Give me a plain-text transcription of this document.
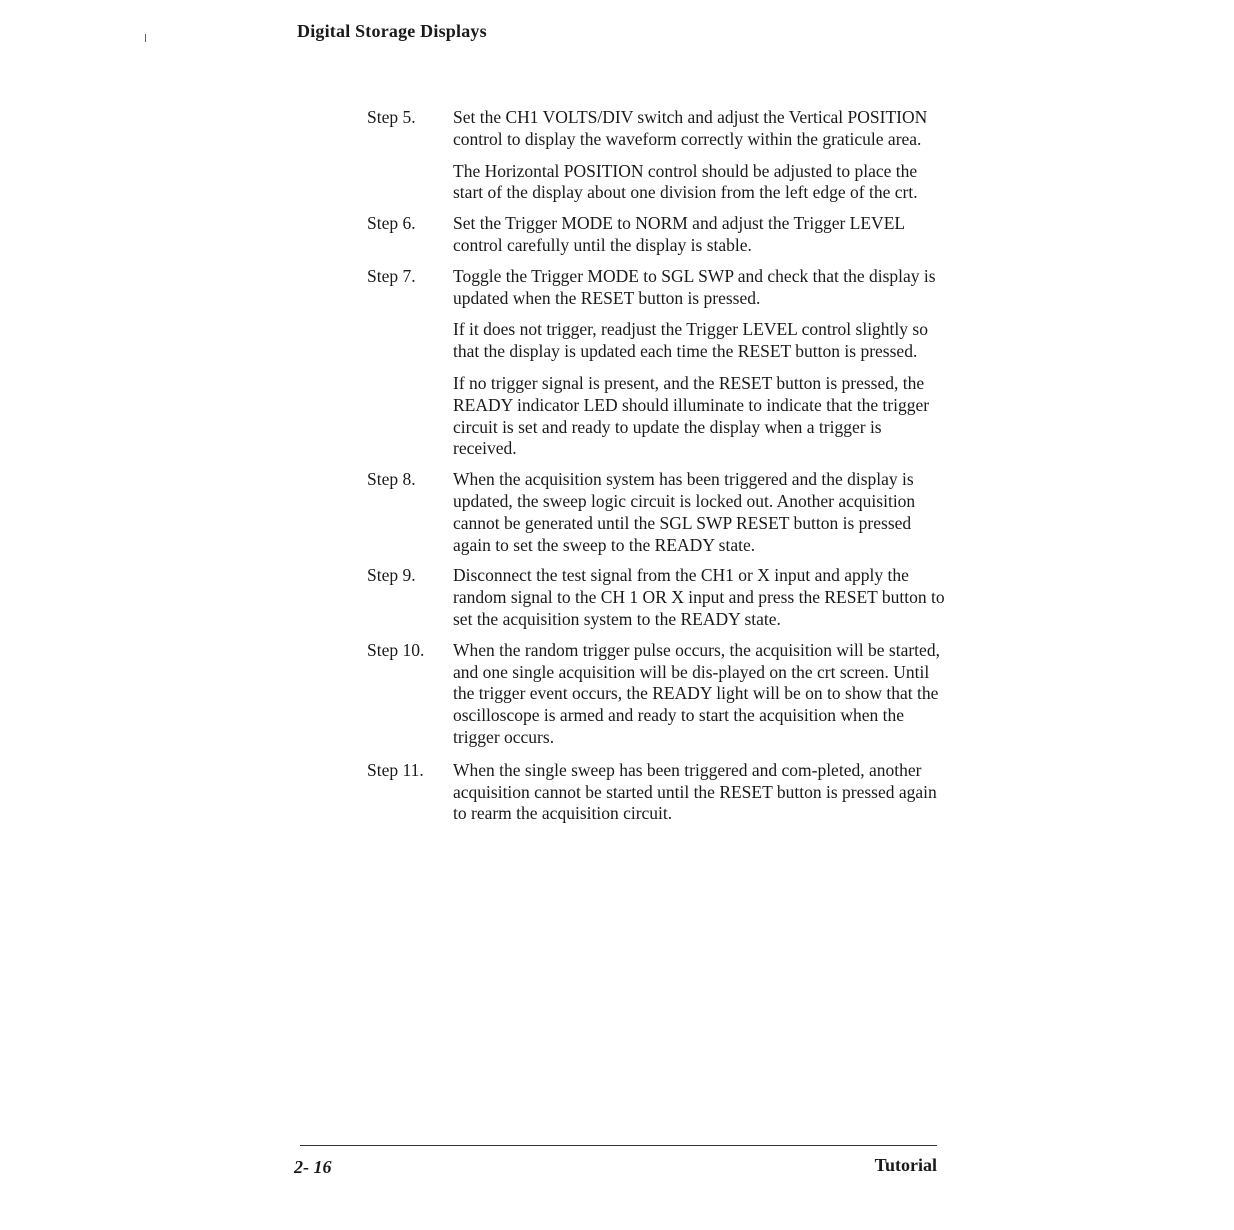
Digital Storage Displays
Step 5.	Set the CH1 VOLTS/DIV switch and adjust the Vertical POSITION control to display the waveform correctly within the graticule area.

The Horizontal POSITION control should be adjusted to place the start of the display about one division from the left edge of the crt.

Step 6.	Set the Trigger MODE to NORM and adjust the Trigger LEVEL control carefully until the display is stable.

Step 7.	Toggle the Trigger MODE to SGL SWP and check that the display is updated when the RESET button is pressed.

If it does not trigger, readjust the Trigger LEVEL control slightly so that the display is updated each time the RESET button is pressed.

If no trigger signal is present, and the RESET button is pressed, the READY indicator LED should illuminate to indicate that the trigger circuit is set and ready to update the display when a trigger is received.

Step 8.	When the acquisition system has been triggered and the display is updated, the sweep logic circuit is locked out. Another acquisition cannot be generated until the SGL SWP RESET button is pressed again to set the sweep to the READY state.

Step 9.	Disconnect the test signal from the CH1 or X input and apply the random signal to the CH 1 OR X input and press the RESET button to set the acquisition system to the READY state.

Step 10.	When the random trigger pulse occurs, the acquisition will be started, and one single acquisition will be dis-played on the crt screen. Until the trigger event occurs, the READY light will be on to show that the oscilloscope is armed and ready to start the acquisition when the trigger occurs.

Step 11.	When the single sweep has been triggered and com-pleted, another acquisition cannot be started until the RESET button is pressed again to rearm the acquisition circuit.

2- 16	Tutorial
